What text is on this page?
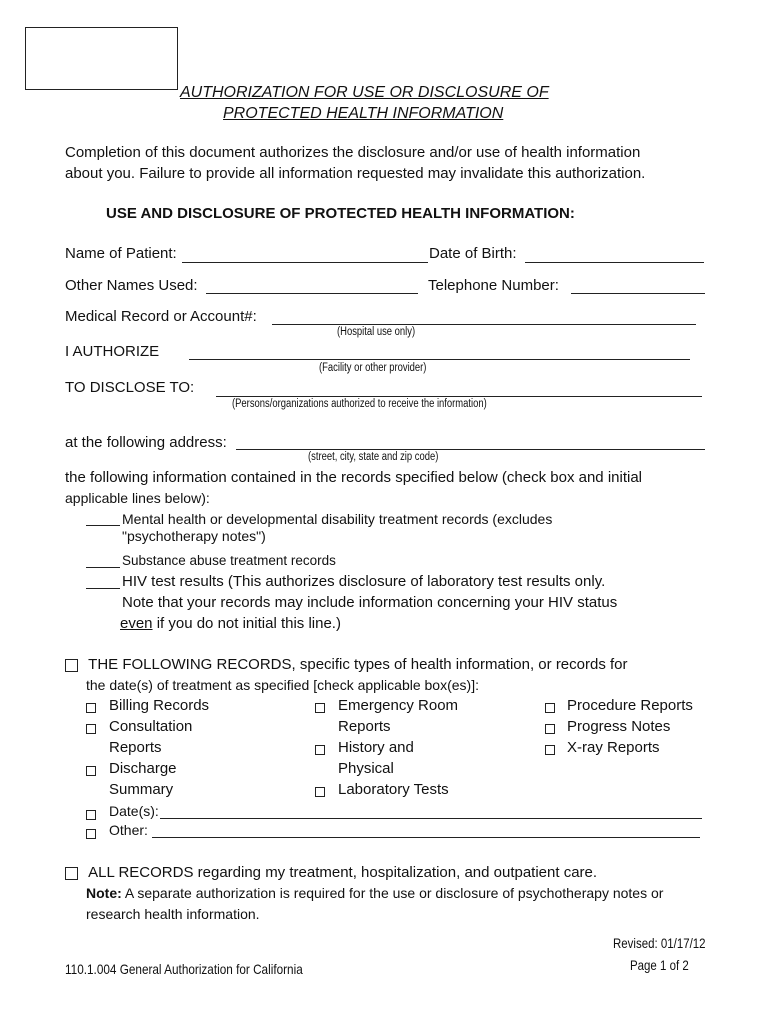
AUTHORIZATION FOR USE OR DISCLOSURE OF
PROTECTED HEALTH INFORMATION
Completion of this document authorizes the disclosure and/or use of health information
about you. Failure to provide all information requested may invalidate this authorization.
USE AND DISCLOSURE OF PROTECTED HEALTH INFORMATION:
Name of Patient:	Date of Birth:
Other Names Used:	Telephone Number:
Medical Record or Account#:
(Hospital use only)
I AUTHORIZE
(Facility or other provider)
TO DISCLOSE TO:
(Persons/organizations authorized to receive the information)
at the following address:
(street, city, state and zip code)
the following information contained in the records specified below (check box and initial
applicable lines below):
Mental health or developmental disability treatment records (excludes
"psychotherapy notes")
Substance abuse treatment records
HIV test results (This authorizes disclosure of laboratory test results only.
Note that your records may include information concerning your HIV status
even if you do not initial this line.)
THE FOLLOWING RECORDS, specific types of health information, or records for
the date(s) of treatment as specified [check applicable box(es)]:
Billing Records
Consultation
Reports
Discharge
Summary
Emergency Room
Reports
History and
Physical
Laboratory Tests
Procedure Reports
Progress Notes
X-ray Reports
Date(s):
Other:
ALL RECORDS regarding my treatment, hospitalization, and outpatient care.
Note: A separate authorization is required for the use or disclosure of psychotherapy notes or
research health information.
Revised: 01/17/12
Page 1 of 2
110.1.004 General Authorization for California
